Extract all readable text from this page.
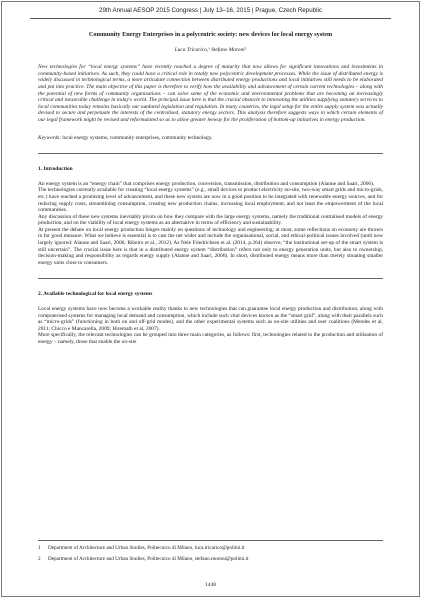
29th Annual AESOP 2015 Congress | July 13–16, 2015 | Prague, Czech Republic
Community Energy Enterprises in a polycentric society: new devices for local energy system
Luca Tricarico,¹ Stefano Moroni²
New technologies for “local energy systems” have recently reached a degree of maturity that now allows for significant innovations and investments in community-based initiatives. As such, they could have a critical role in totally new polycentric development processes. While the issue of distributed energy is widely discussed in technological terms, a more articulate connection between distributed energy productions and local initiatives still needs to be elaborated and put into practice. The main objective of this paper is therefore to verify how the availability and advancement of certain current technologies – along with the potential of new forms of community organisations – can solve some of the economic and environmental problems that are becoming an increasingly critical and inexorable challenge in today's world. The principal issue here is that the crucial obstacle to innovating the utilities supplying statutory services to local communities today remains basically our outdated legislation and regulation. In many countries, the legal setup for the entire supply system was actually devised to secure and perpetuate the interests of the centralised, statutory energy sectors. This analysis therefore suggests ways in which certain elements of our legal framework might be revised and reformulated so as to allow greater leeway for the proliferation of bottom-up initiatives in energy production.
Keywords: local energy systems, community enterprises, community technology.
1. Introduction

An energy system is an “energy chain” that comprises energy production, conversion, transmission, distribution and consumption (Alanne and Saari, 2006).

The technologies currently available for creating “local energy systems” (e.g., small devices to product electricity on-site, two-way smart grids and micro-grids, etc.) have reached a promising level of advancement, and these new system are now in a good position to be integrated with renewable energy sources, and for reducing supply costs, streamlining consumption, creating new production chains, increasing local employment, and not least the empowerment of the local communities.

Any discussion of these new systems inevitably pivots on how they compare with the large energy systems, namely the traditional centralised models of energy production, and on the viability of local energy systems as an alternative in terms of efficiency and sustainability.

At present the debate on local energy production hinges mainly on questions of technology and engineering; at most, some reflections on economy are thrown in for good measure. What we believe is essential is to cast the net wider and include the organisational, social, and ethical-political issues involved (until now largely ignored: Alanne and Saari, 2006; Ribeiro et al., 2012). As Nele Friedrichsen et al. (2014, p.264) observe, “the institutional set-up of the smart system is still uncertain”. The crucial issue here is that in a distributed energy system “distribution” refers not only to energy generation units, but also to ownership, decision-making and responsibility as regards energy supply (Alanne and Saari, 2006). In short, distributed energy means more than merely situating smaller energy units close to consumers.

2. Available technological for local energy systems

Local energy systems have now become a workable reality thanks to new technologies that can guarantee local energy production and distribution, along with computerised systems for managing local demand and consumption, which include such vital devices known as the “smart grid”, along with their parallels such as “micro-grids” (functioning in both on and off-grid modes), and the other experimental systems such as on-site utilities and user coalitions (Mendes et al, 2011; Chicco e Mancarella, 2009; Hiremath et al, 2007).

More specifically, the relevant technologies can be grouped into three main categories, as follows: first, technologies related to the production and utilisation of energy – namely, those that enable the on-site

1	Department of Architecture and Urban Studies, Politecnico di Milano, luca.tricarico@polimi.it
2	Department of Architecture and Urban Studies, Politecnico di Milano, stefano.moroni@polimi.it
1448
